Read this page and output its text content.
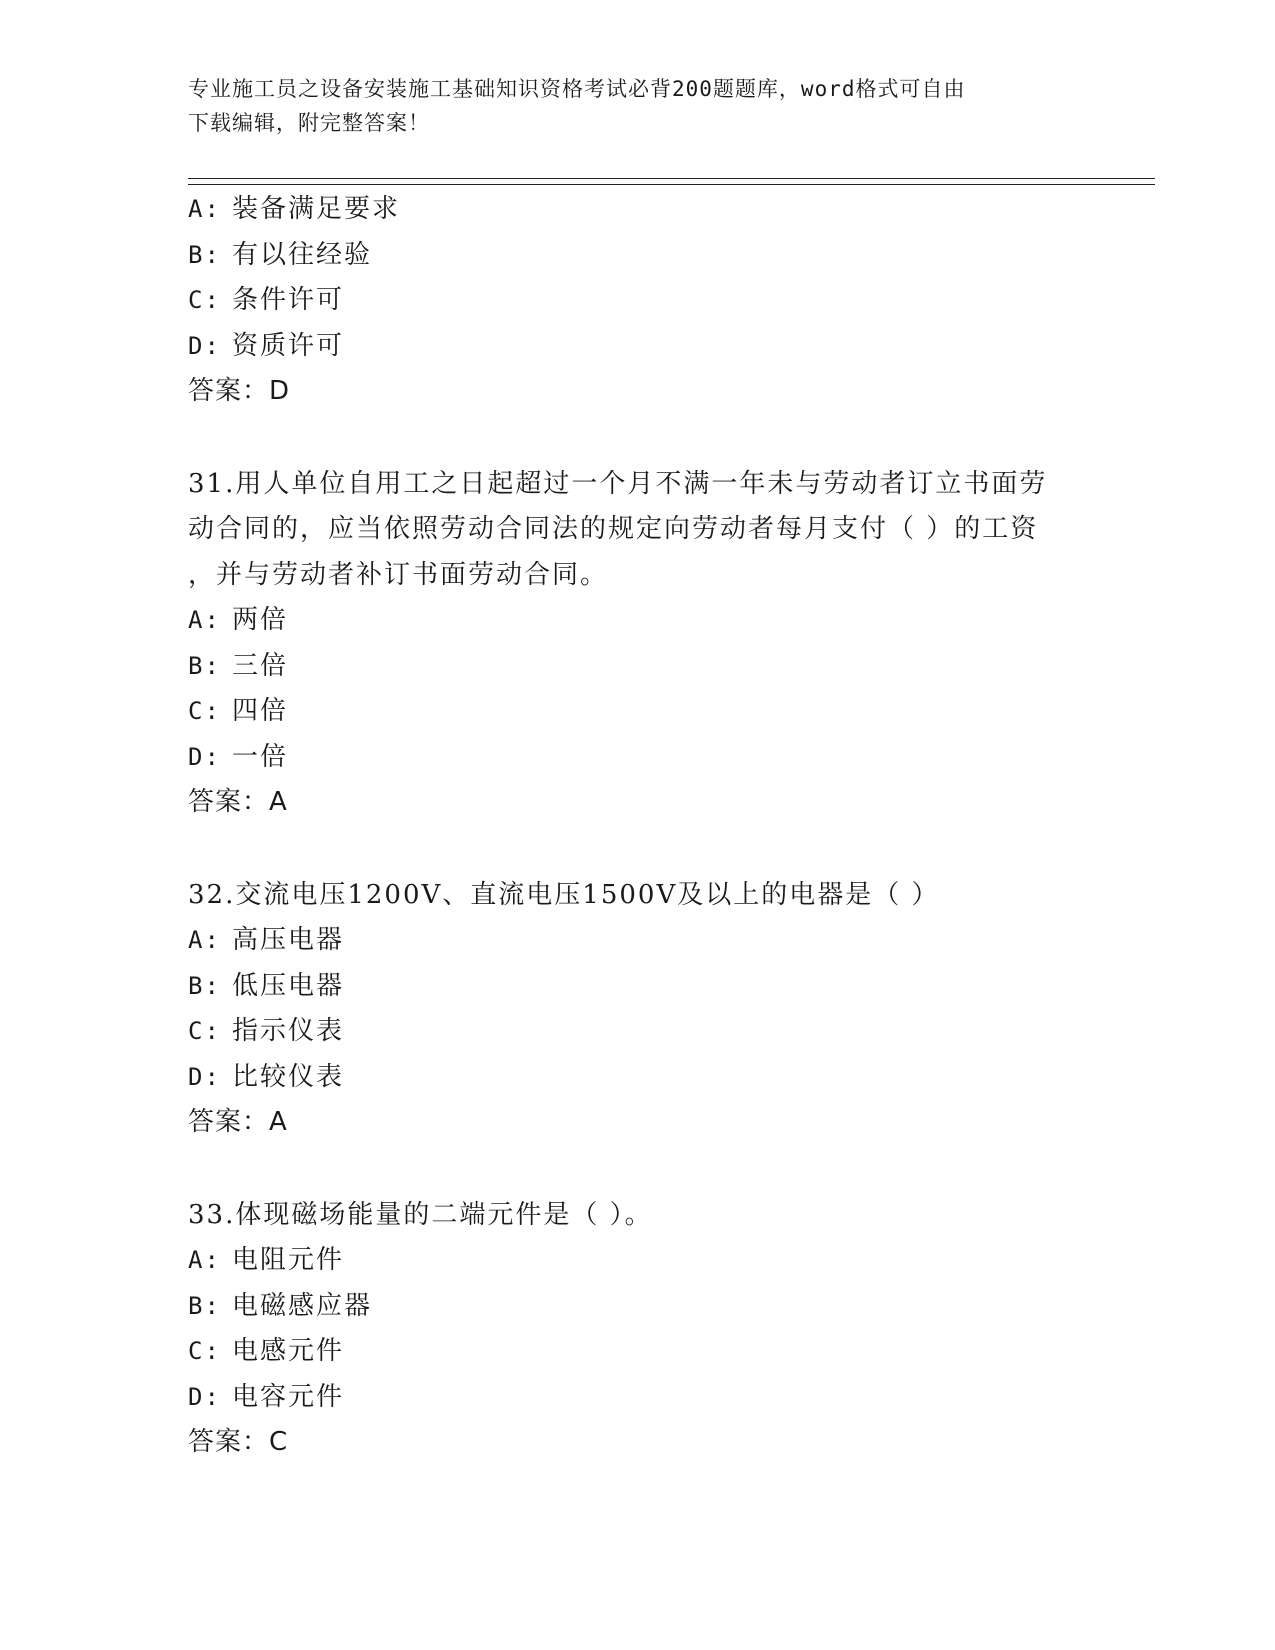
专业施工员之设备安装施工基础知识资格考试必背200题题库，word格式可自由
下载编辑，附完整答案！
A: 装备满足要求
B: 有以往经验
C: 条件许可
D: 资质许可
答案：D
31.用人单位自用工之日起超过一个月不满一年未与劳动者订立书面劳
动合同的，应当依照劳动合同法的规定向劳动者每月支付（ ）的工资
，并与劳动者补订书面劳动合同。
A: 两倍
B: 三倍
C: 四倍
D: 一倍
答案：A
32.交流电压1200V、直流电压1500V及以上的电器是（ ）
A: 高压电器
B: 低压电器
C: 指示仪表
D: 比较仪表
答案：A
33.体现磁场能量的二端元件是（ ）。
A: 电阻元件
B: 电磁感应器
C: 电感元件
D: 电容元件
答案：C
